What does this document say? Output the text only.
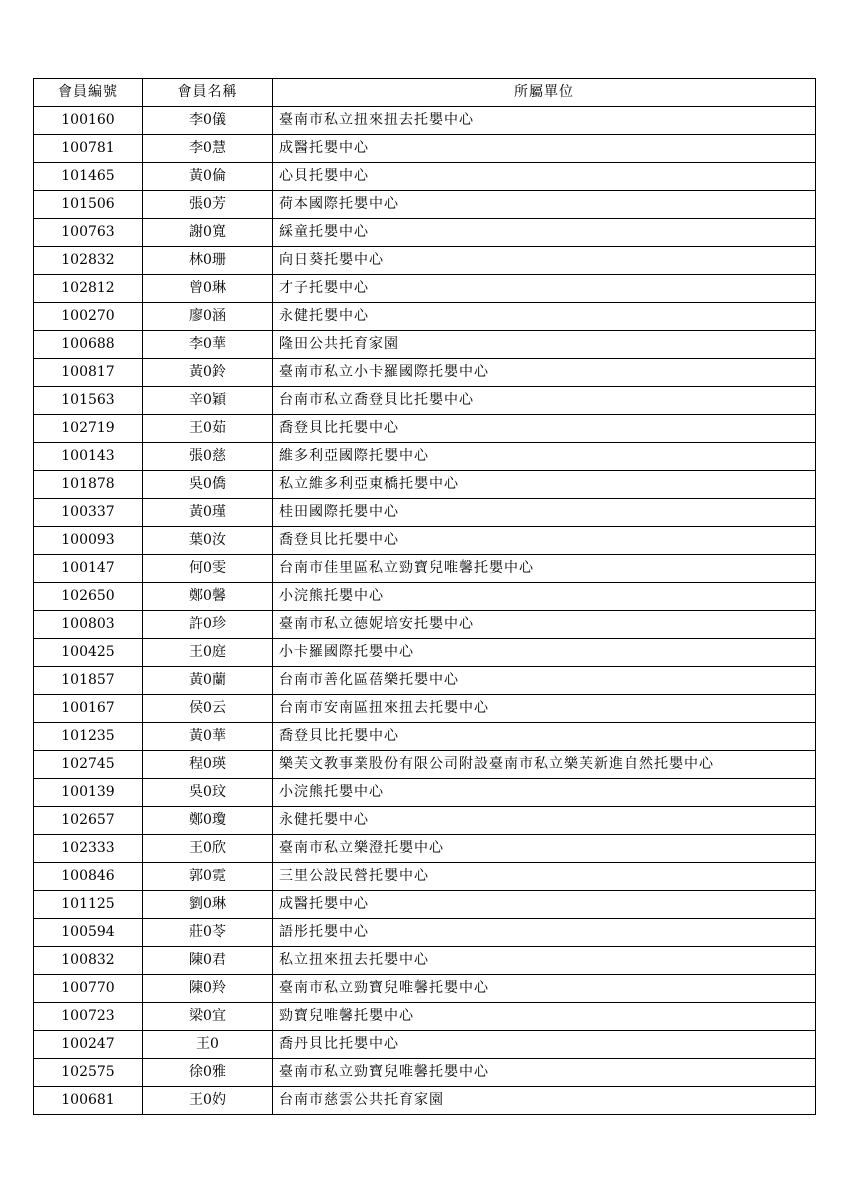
會員編號	會員名稱	所屬單位
100160	李0儀	臺南市私立扭來扭去托嬰中心
100781	李0慧	成醫托嬰中心
101465	黃0倫	心貝托嬰中心
101506	張0芳	荷本國際托嬰中心
100763	謝0寬	綵童托嬰中心
102832	林0珊	向日葵托嬰中心
102812	曾0琳	才子托嬰中心
100270	廖0涵	永健托嬰中心
100688	李0華	隆田公共托育家園
100817	黃0鈴	臺南市私立小卡羅國際托嬰中心
101563	辛0穎	台南市私立喬登貝比托嬰中心
102719	王0茹	喬登貝比托嬰中心
100143	張0慈	維多利亞國際托嬰中心
101878	吳0僑	私立維多利亞東橋托嬰中心
100337	黃0瑾	桂田國際托嬰中心
100093	葉0汝	喬登貝比托嬰中心
100147	何0雯	台南市佳里區私立勁寶兒唯馨托嬰中心
102650	鄭0馨	小浣熊托嬰中心
100803	許0珍	臺南市私立德妮培安托嬰中心
100425	王0庭	小卡羅國際托嬰中心
101857	黃0蘭	台南市善化區蓓樂托嬰中心
100167	侯0云	台南市安南區扭來扭去托嬰中心
101235	黃0華	喬登貝比托嬰中心
102745	程0瑛	樂芙文教事業股份有限公司附設臺南市私立樂芙新進自然托嬰中心
100139	吳0玟	小浣熊托嬰中心
102657	鄭0瓊	永健托嬰中心
102333	王0欣	臺南市私立樂澄托嬰中心
100846	郭0霓	三里公設民營托嬰中心
101125	劉0琳	成醫托嬰中心
100594	莊0苓	語彤托嬰中心
100832	陳0君	私立扭來扭去托嬰中心
100770	陳0羚	臺南市私立勁寶兒唯馨托嬰中心
100723	梁0宜	勁寶兒唯馨托嬰中心
100247	王0	喬丹貝比托嬰中心
102575	徐0雅	臺南市私立勁寶兒唯馨托嬰中心
100681	王0妁	台南市慈雲公共托育家園
